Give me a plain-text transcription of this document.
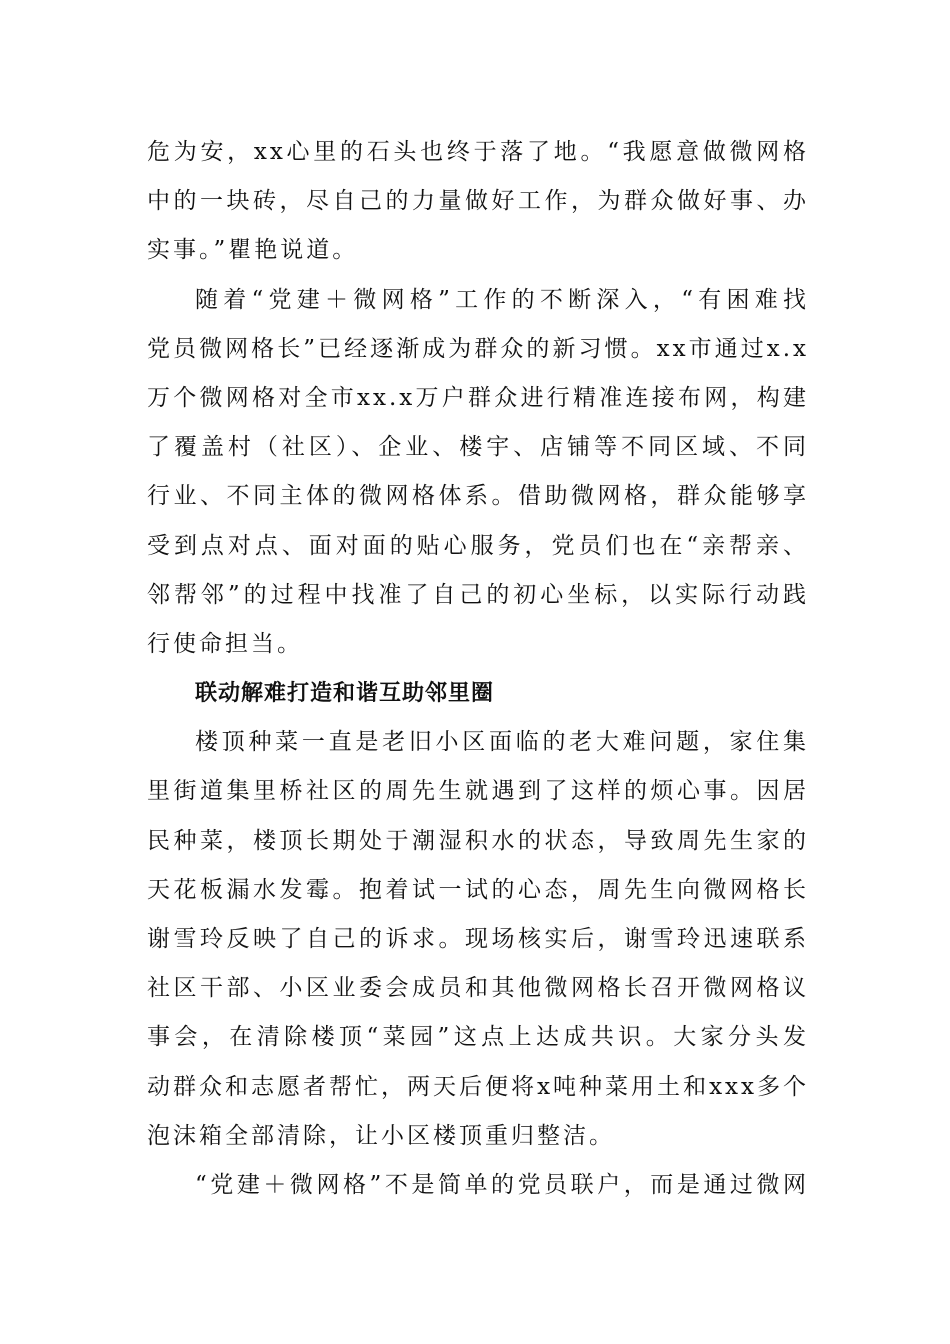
危为安，xx心里的石头也终于落了地。“我愿意做微网格
中的一块砖，尽自己的力量做好工作，为群众做好事、办
实事。”瞿艳说道。
随着“党建＋微网格”工作的不断深入，“有困难找
党员微网格长”已经逐渐成为群众的新习惯。xx市通过x.x
万个微网格对全市xx.x万户群众进行精准连接布网，构建
了覆盖村（社区）、企业、楼宇、店铺等不同区域、不同
行业、不同主体的微网格体系。借助微网格，群众能够享
受到点对点、面对面的贴心服务，党员们也在“亲帮亲、
邻帮邻”的过程中找准了自己的初心坐标，以实际行动践
行使命担当。
联动解难打造和谐互助邻里圈
楼顶种菜一直是老旧小区面临的老大难问题，家住集
里街道集里桥社区的周先生就遇到了这样的烦心事。因居
民种菜，楼顶长期处于潮湿积水的状态，导致周先生家的
天花板漏水发霉。抱着试一试的心态，周先生向微网格长
谢雪玲反映了自己的诉求。现场核实后，谢雪玲迅速联系
社区干部、小区业委会成员和其他微网格长召开微网格议
事会，在清除楼顶“菜园”这点上达成共识。大家分头发
动群众和志愿者帮忙，两天后便将x吨种菜用土和xxx多个
泡沫箱全部清除，让小区楼顶重归整洁。
“党建＋微网格”不是简单的党员联户，而是通过微网
